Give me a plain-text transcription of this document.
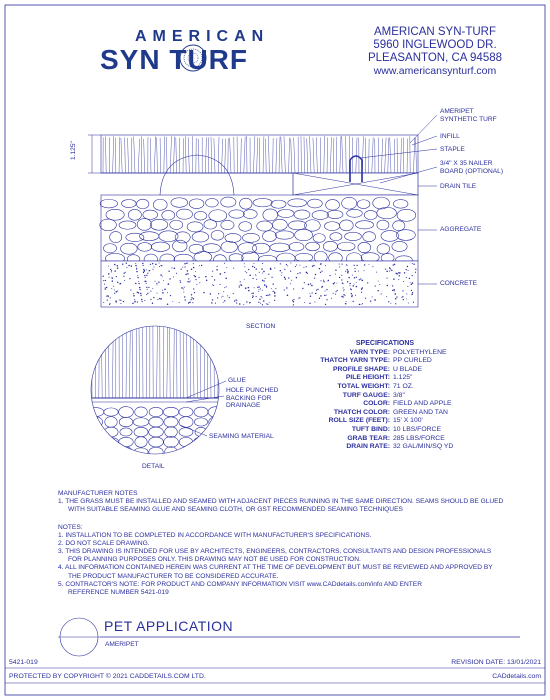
AMERICAN
SYN TURF
AMERICAN SYN-TURF
5960 INGLEWOOD DR.
PLEASANTON, CA 94588
www.americansynturf.com
1.125"
AMERIPET SYNTHETIC TURF
INFILL
STAPLE
3/4" X 35 NAILER BOARD (OPTIONAL)
DRAIN TILE
AGGREGATE
CONCRETE
SECTION
GLUE
HOLE PUNCHED BACKING FOR DRAINAGE
SEAMING MATERIAL
DETAIL
SPECIFICATIONS
YARN TYPE:	POLYETHYLENE
THATCH YARN TYPE:	PP CURLED
PROFILE SHAPE:	U BLADE
PILE HEIGHT:	1.125"
TOTAL WEIGHT:	71 OZ.
TURF GAUGE:	3/8"
COLOR:	FIELD AND APPLE
THATCH COLOR:	GREEN AND TAN
ROLL SIZE (FEET):	15' X 100'
TUFT BIND:	10 LBS/FORCE
GRAB TEAR:	285 LBS/FORCE
DRAIN RATE:	32 GAL/MIN/SQ YD
MANUFACTURER NOTES
1. THE GRASS MUST BE INSTALLED AND SEAMED WITH ADJACENT PIECES RUNNING IN THE SAME DIRECTION. SEAMS SHOULD BE GLUED
WITH SUITABLE SEAMING GLUE AND SEAMING CLOTH, OR GST RECOMMENDED SEAMING TECHNIQUES
NOTES:
1. INSTALLATION TO BE COMPLETED IN ACCORDANCE WITH MANUFACTURER'S SPECIFICATIONS.
2. DO NOT SCALE DRAWING.
3. THIS DRAWING IS INTENDED FOR USE BY ARCHITECTS, ENGINEERS, CONTRACTORS, CONSULTANTS AND DESIGN PROFESSIONALS
FOR PLANNING PURPOSES ONLY. THIS DRAWING MAY NOT BE USED FOR CONSTRUCTION.
4. ALL INFORMATION CONTAINED HEREIN WAS CURRENT AT THE TIME OF DEVELOPMENT BUT MUST BE REVIEWED AND APPROVED BY
THE PRODUCT MANUFACTURER TO BE CONSIDERED ACCURATE.
5. CONTRACTOR'S NOTE: FOR PRODUCT AND COMPANY INFORMATION VISIT www.CADdetails.com/info AND ENTER
REFERENCE NUMBER 5421-019
PET APPLICATION
AMERIPET
5421-019	REVISION DATE: 13/01/2021
PROTECTED BY COPYRIGHT © 2021 CADDETAILS.COM LTD.	CADdetails.com
